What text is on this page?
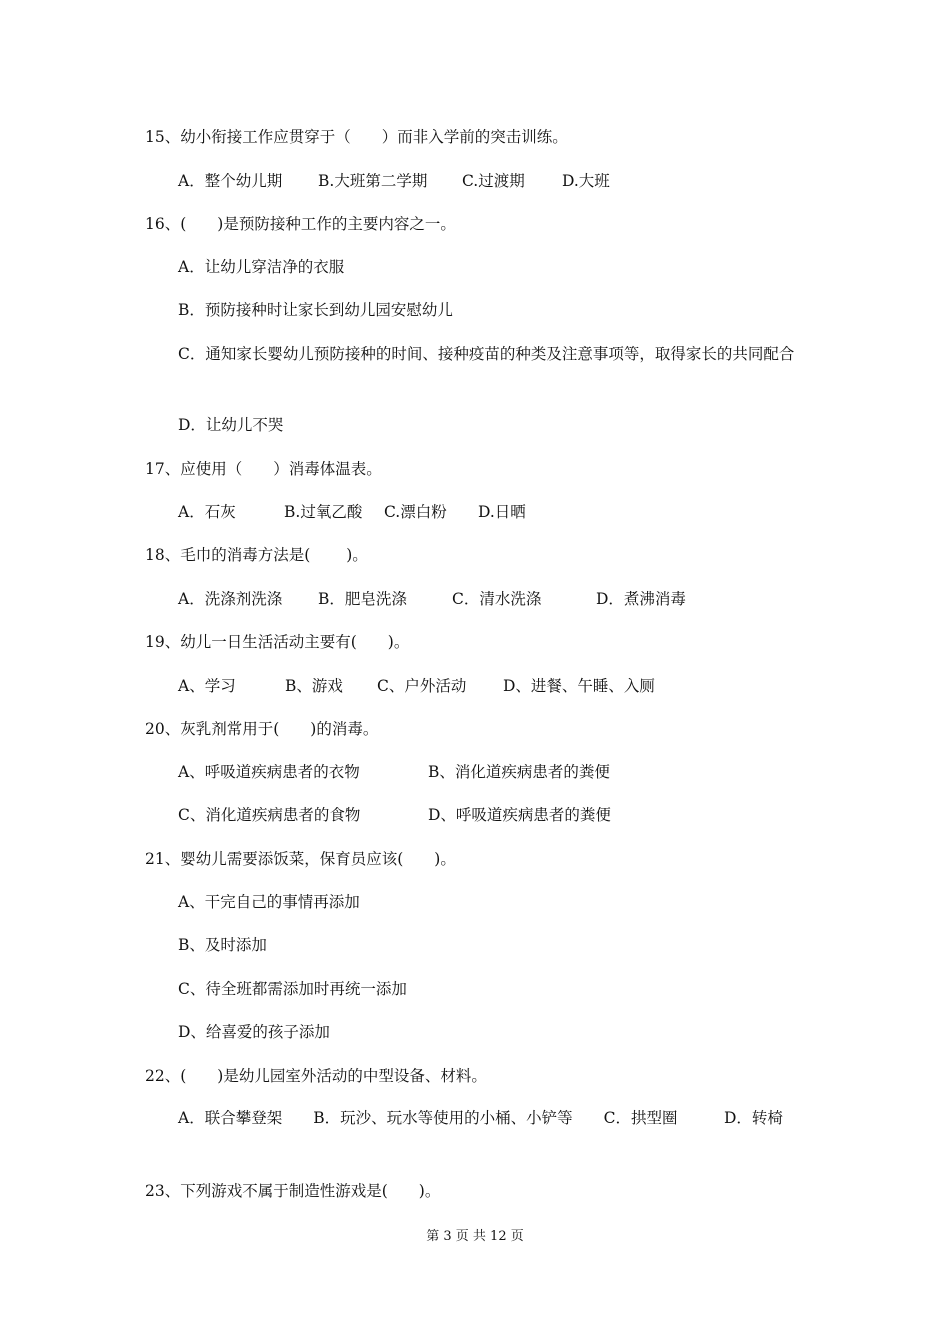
15、幼小衔接工作应贯穿于（　　）而非入学前的突击训练。
A．整个幼儿期 B.大班第二学期 C.过渡期 D.大班
16、(　　)是预防接种工作的主要内容之一。
A．让幼儿穿洁净的衣服
B．预防接种时让家长到幼儿园安慰幼儿
C．通知家长婴幼儿预防接种的时间、接种疫苗的种类及注意事项等，取得家长的共同配合
D．让幼儿不哭
17、应使用（　　）消毒体温表。
A．石灰	B.过氧乙酸 C.漂白粉 D.日晒
18、毛巾的消毒方法是(　　 )。
A．洗涤剂洗涤 B．肥皂洗涤	C．清水洗涤	D．煮沸消毒
19、幼儿一日生活活动主要有(　　)。
A、学习	B、游戏 C、户外活动 D、进餐、午睡、入厕
20、灰乳剂常用于(　　)的消毒。
A、呼吸道疾病患者的衣物	B、消化道疾病患者的粪便
C、消化道疾病患者的食物	D、呼吸道疾病患者的粪便
21、婴幼儿需要添饭菜，保育员应该(　　)。
A、干完自己的事情再添加
B、及时添加
C、待全班都需添加时再统一添加
D、给喜爱的孩子添加
22、(　　)是幼儿园室外活动的中型设备、材料。
A．联合攀登架　　B．玩沙、玩水等使用的小桶、小铲等　　C．拱型圈　　　D．转椅
23、下列游戏不属于制造性游戏是(　　)。
第 3 页 共 12 页
